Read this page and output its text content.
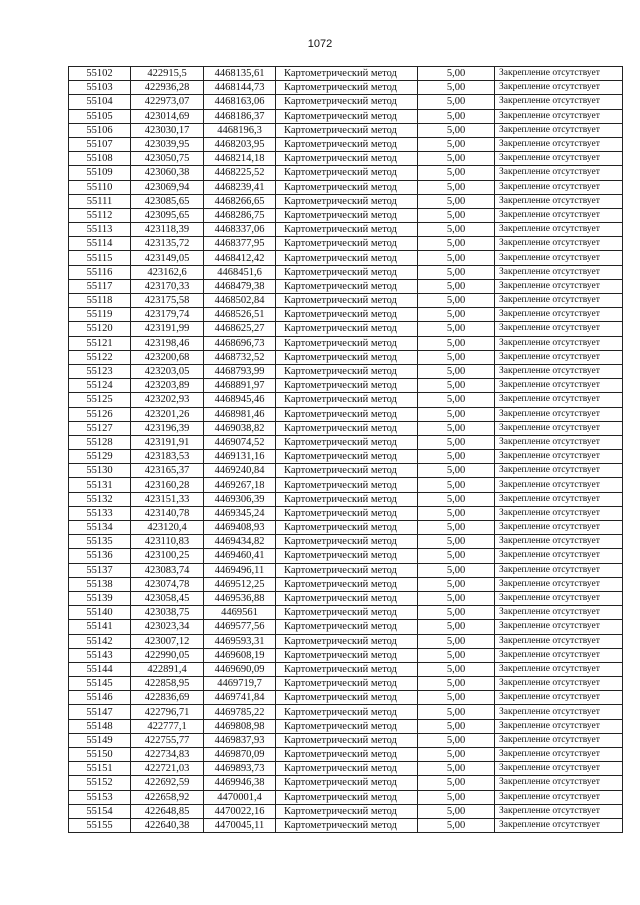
1072
55102	422915,5	4468135,61	Картометрический метод	5,00	Закрепление отсутствует
55103	422936,28	4468144,73	Картометрический метод	5,00	Закрепление отсутствует
55104	422973,07	4468163,06	Картометрический метод	5,00	Закрепление отсутствует
55105	423014,69	4468186,37	Картометрический метод	5,00	Закрепление отсутствует
55106	423030,17	4468196,3	Картометрический метод	5,00	Закрепление отсутствует
55107	423039,95	4468203,95	Картометрический метод	5,00	Закрепление отсутствует
55108	423050,75	4468214,18	Картометрический метод	5,00	Закрепление отсутствует
55109	423060,38	4468225,52	Картометрический метод	5,00	Закрепление отсутствует
55110	423069,94	4468239,41	Картометрический метод	5,00	Закрепление отсутствует
55111	423085,65	4468266,65	Картометрический метод	5,00	Закрепление отсутствует
55112	423095,65	4468286,75	Картометрический метод	5,00	Закрепление отсутствует
55113	423118,39	4468337,06	Картометрический метод	5,00	Закрепление отсутствует
55114	423135,72	4468377,95	Картометрический метод	5,00	Закрепление отсутствует
55115	423149,05	4468412,42	Картометрический метод	5,00	Закрепление отсутствует
55116	423162,6	4468451,6	Картометрический метод	5,00	Закрепление отсутствует
55117	423170,33	4468479,38	Картометрический метод	5,00	Закрепление отсутствует
55118	423175,58	4468502,84	Картометрический метод	5,00	Закрепление отсутствует
55119	423179,74	4468526,51	Картометрический метод	5,00	Закрепление отсутствует
55120	423191,99	4468625,27	Картометрический метод	5,00	Закрепление отсутствует
55121	423198,46	4468696,73	Картометрический метод	5,00	Закрепление отсутствует
55122	423200,68	4468732,52	Картометрический метод	5,00	Закрепление отсутствует
55123	423203,05	4468793,99	Картометрический метод	5,00	Закрепление отсутствует
55124	423203,89	4468891,97	Картометрический метод	5,00	Закрепление отсутствует
55125	423202,93	4468945,46	Картометрический метод	5,00	Закрепление отсутствует
55126	423201,26	4468981,46	Картометрический метод	5,00	Закрепление отсутствует
55127	423196,39	4469038,82	Картометрический метод	5,00	Закрепление отсутствует
55128	423191,91	4469074,52	Картометрический метод	5,00	Закрепление отсутствует
55129	423183,53	4469131,16	Картометрический метод	5,00	Закрепление отсутствует
55130	423165,37	4469240,84	Картометрический метод	5,00	Закрепление отсутствует
55131	423160,28	4469267,18	Картометрический метод	5,00	Закрепление отсутствует
55132	423151,33	4469306,39	Картометрический метод	5,00	Закрепление отсутствует
55133	423140,78	4469345,24	Картометрический метод	5,00	Закрепление отсутствует
55134	423120,4	4469408,93	Картометрический метод	5,00	Закрепление отсутствует
55135	423110,83	4469434,82	Картометрический метод	5,00	Закрепление отсутствует
55136	423100,25	4469460,41	Картометрический метод	5,00	Закрепление отсутствует
55137	423083,74	4469496,11	Картометрический метод	5,00	Закрепление отсутствует
55138	423074,78	4469512,25	Картометрический метод	5,00	Закрепление отсутствует
55139	423058,45	4469536,88	Картометрический метод	5,00	Закрепление отсутствует
55140	423038,75	4469561	Картометрический метод	5,00	Закрепление отсутствует
55141	423023,34	4469577,56	Картометрический метод	5,00	Закрепление отсутствует
55142	423007,12	4469593,31	Картометрический метод	5,00	Закрепление отсутствует
55143	422990,05	4469608,19	Картометрический метод	5,00	Закрепление отсутствует
55144	422891,4	4469690,09	Картометрический метод	5,00	Закрепление отсутствует
55145	422858,95	4469719,7	Картометрический метод	5,00	Закрепление отсутствует
55146	422836,69	4469741,84	Картометрический метод	5,00	Закрепление отсутствует
55147	422796,71	4469785,22	Картометрический метод	5,00	Закрепление отсутствует
55148	422777,1	4469808,98	Картометрический метод	5,00	Закрепление отсутствует
55149	422755,77	4469837,93	Картометрический метод	5,00	Закрепление отсутствует
55150	422734,83	4469870,09	Картометрический метод	5,00	Закрепление отсутствует
55151	422721,03	4469893,73	Картометрический метод	5,00	Закрепление отсутствует
55152	422692,59	4469946,38	Картометрический метод	5,00	Закрепление отсутствует
55153	422658,92	4470001,4	Картометрический метод	5,00	Закрепление отсутствует
55154	422648,85	4470022,16	Картометрический метод	5,00	Закрепление отсутствует
55155	422640,38	4470045,11	Картометрический метод	5,00	Закрепление отсутствует
